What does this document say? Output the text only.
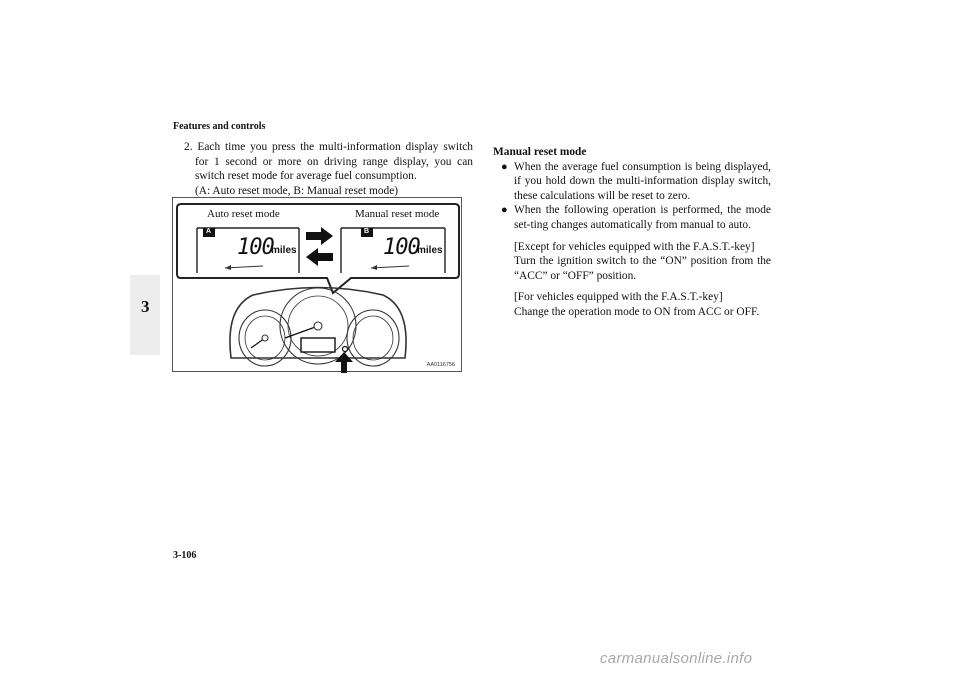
Features and controls
3
2. Each time you press the multi-information display switch for 1 second or more on driving range display, you can switch reset mode for average fuel consumption.
(A: Auto reset mode, B: Manual reset mode)
Auto reset mode	Manual reset mode
A	B
100
miles	100
miles
AA0116756
Manual reset mode
● When the average fuel consumption is being displayed, if you hold down the multi-information display switch, these calculations will be reset to zero.
● When the following operation is performed, the mode set-ting changes automatically from manual to auto.

[Except for vehicles equipped with the F.A.S.T.-key]

Turn the ignition switch to the “ON” position from the “ACC” or “OFF” position.

[For vehicles equipped with the F.A.S.T.-key]

Change the operation mode to ON from ACC or OFF.

3-106
carmanualsonline.info
